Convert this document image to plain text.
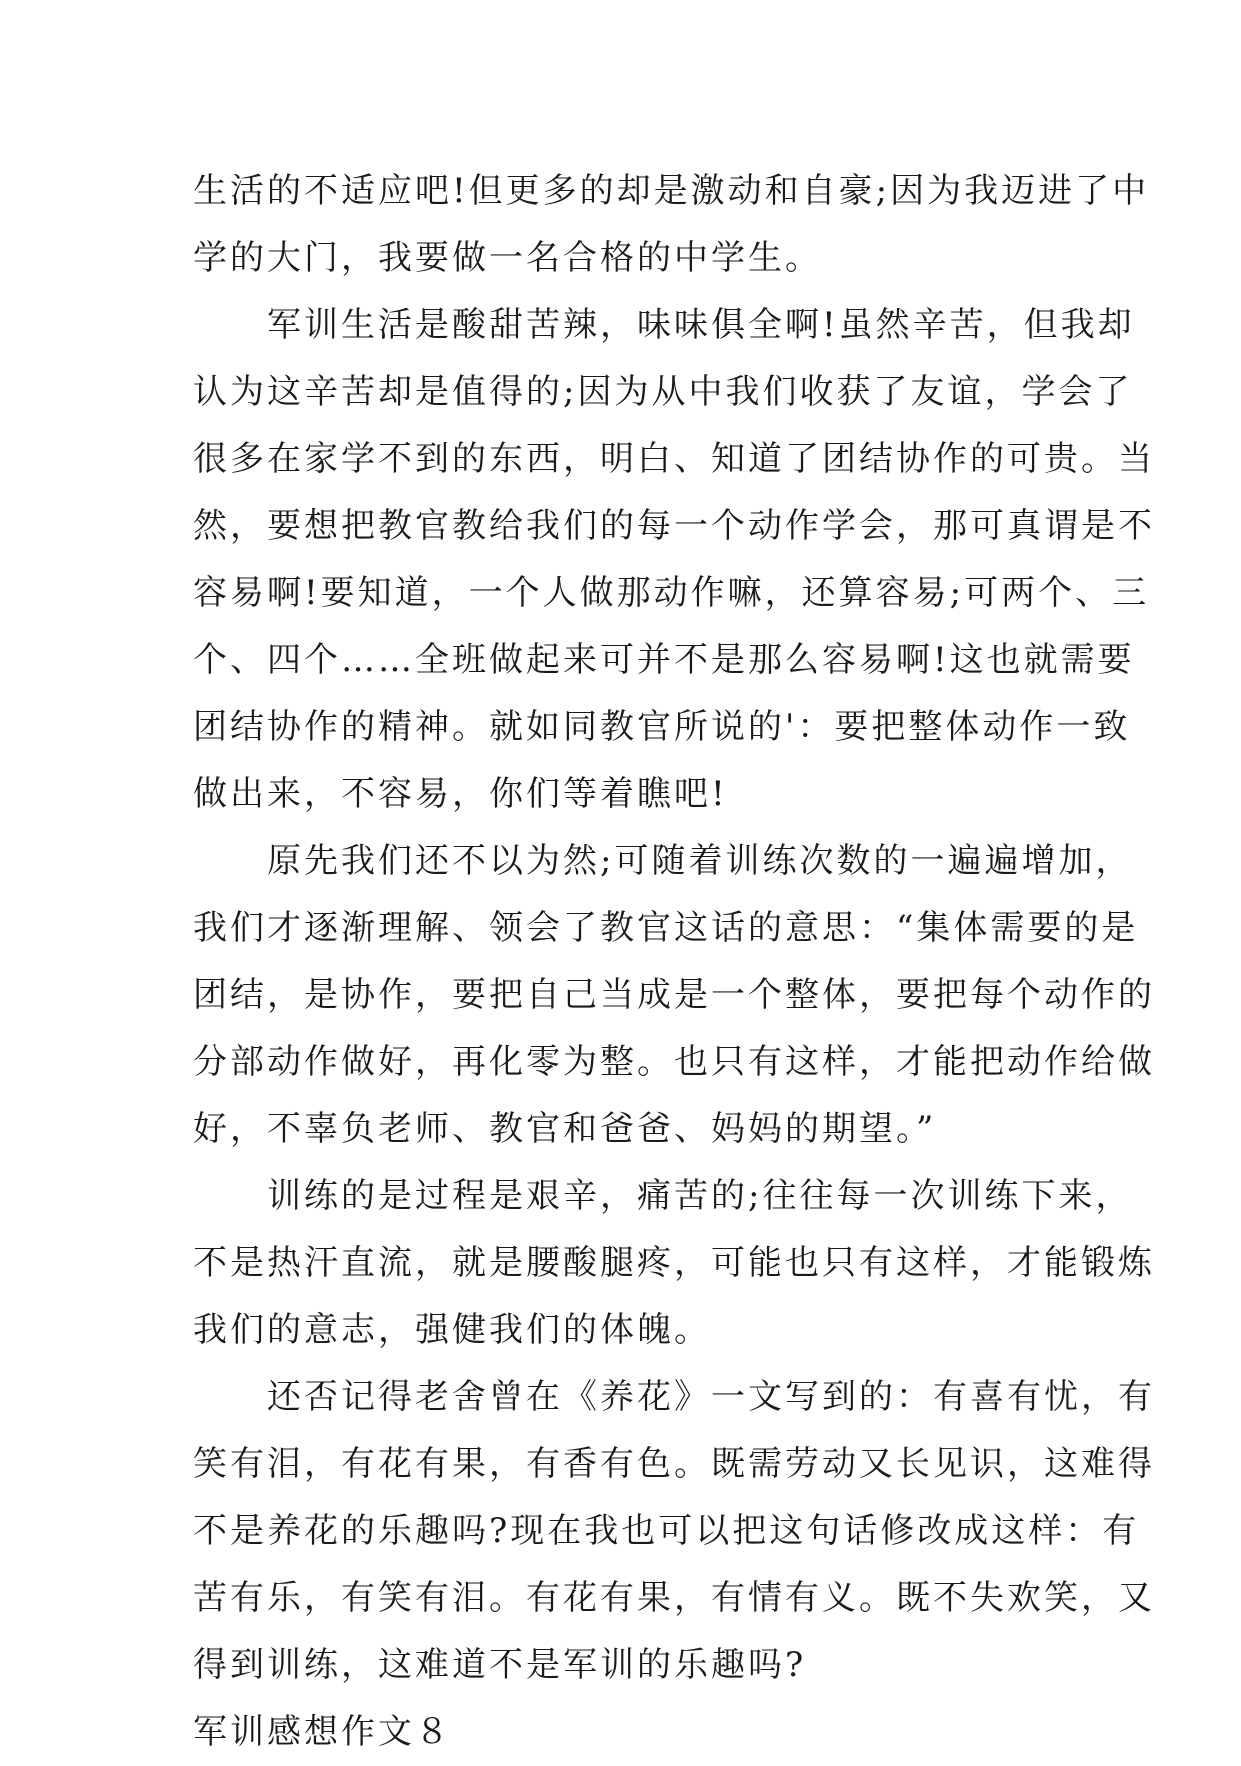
生活的不适应吧!但更多的却是激动和自豪;因为我迈进了中
学的大门，我要做一名合格的中学生。
　　军训生活是酸甜苦辣，味味俱全啊!虽然辛苦，但我却
认为这辛苦却是值得的;因为从中我们收获了友谊，学会了
很多在家学不到的东西，明白、知道了团结协作的可贵。当
然，要想把教官教给我们的每一个动作学会，那可真谓是不
容易啊!要知道，一个人做那动作嘛，还算容易;可两个、三
个、四个……全班做起来可并不是那么容易啊!这也就需要
团结协作的精神。就如同教官所说的'：要把整体动作一致
做出来，不容易，你们等着瞧吧!
　　原先我们还不以为然;可随着训练次数的一遍遍增加，
我们才逐渐理解、领会了教官这话的意思：“集体需要的是
团结，是协作，要把自己当成是一个整体，要把每个动作的
分部动作做好，再化零为整。也只有这样，才能把动作给做
好，不辜负老师、教官和爸爸、妈妈的期望。”
　　训练的是过程是艰辛，痛苦的;往往每一次训练下来，
不是热汗直流，就是腰酸腿疼，可能也只有这样，才能锻炼
我们的意志，强健我们的体魄。
　　还否记得老舍曾在《养花》一文写到的：有喜有忧，有
笑有泪，有花有果，有香有色。既需劳动又长见识，这难得
不是养花的乐趣吗?现在我也可以把这句话修改成这样：有
苦有乐，有笑有泪。有花有果，有情有义。既不失欢笑，又
得到训练，这难道不是军训的乐趣吗?
军训感想作文８
